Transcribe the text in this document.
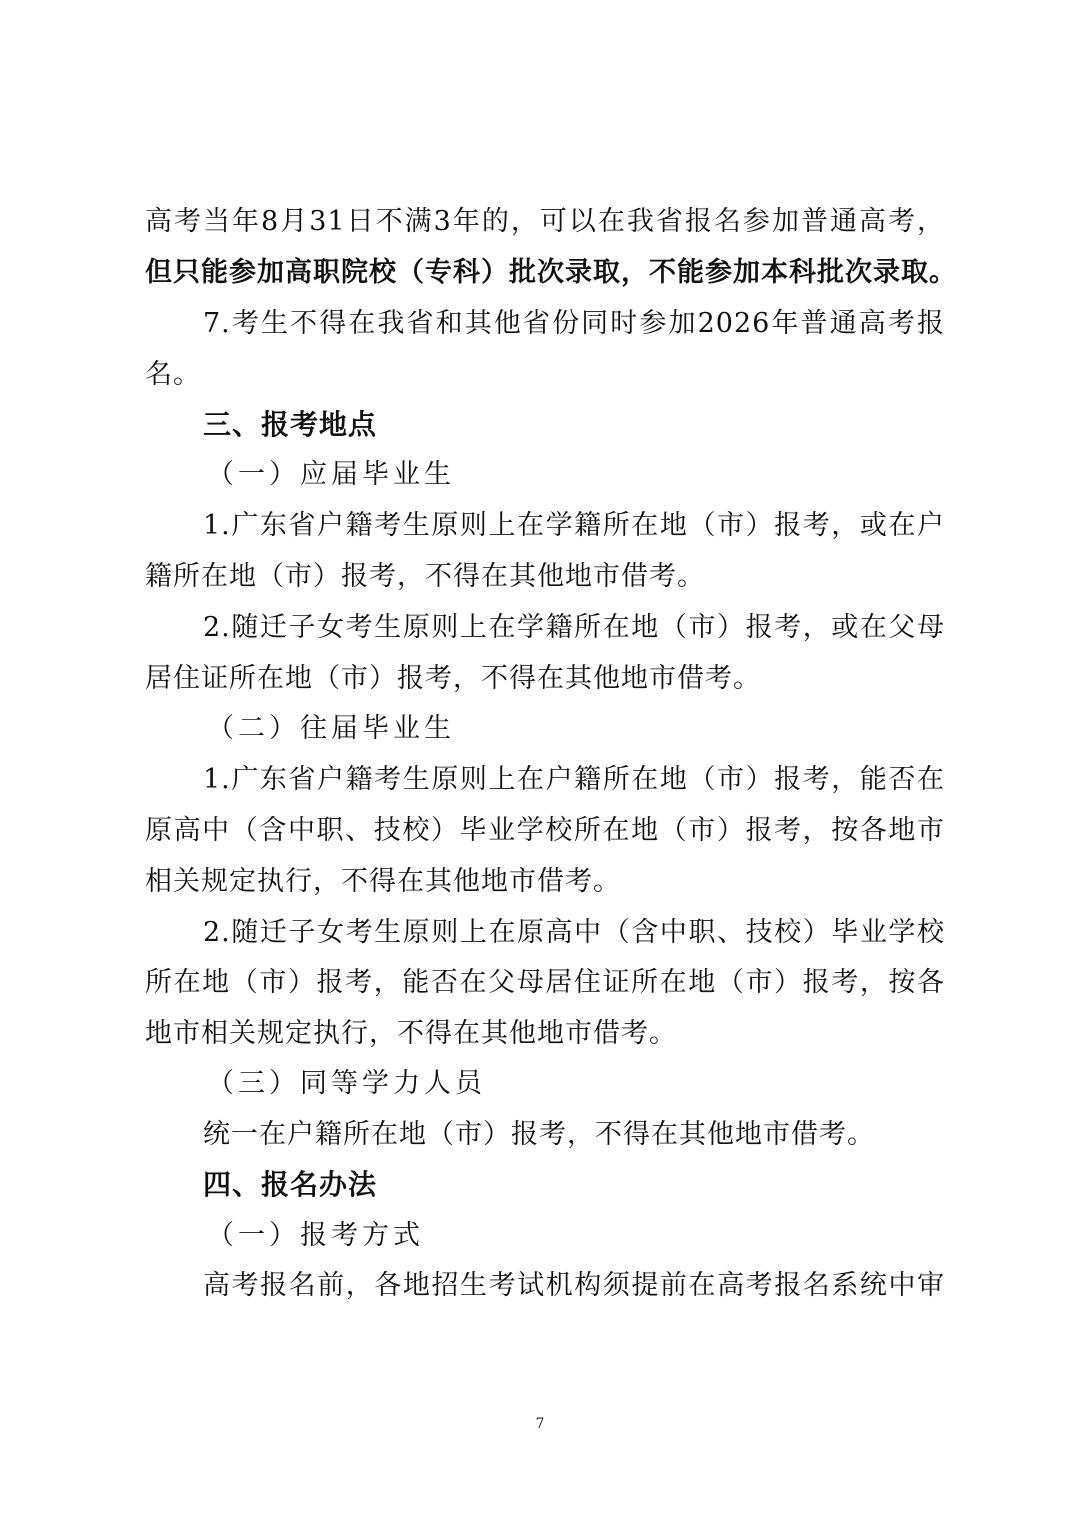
高考当年8月31日不满3年的，可以在我省报名参加普通高考，
但只能参加高职院校（专科）批次录取，不能参加本科批次录取。
7.考生不得在我省和其他省份同时参加2026年普通高考报
名。
三、报考地点
（一）应届毕业生
1.广东省户籍考生原则上在学籍所在地（市）报考，或在户
籍所在地（市）报考，不得在其他地市借考。
2.随迁子女考生原则上在学籍所在地（市）报考，或在父母
居住证所在地（市）报考，不得在其他地市借考。
（二）往届毕业生
1.广东省户籍考生原则上在户籍所在地（市）报考，能否在
原高中（含中职、技校）毕业学校所在地（市）报考，按各地市
相关规定执行，不得在其他地市借考。
2.随迁子女考生原则上在原高中（含中职、技校）毕业学校
所在地（市）报考，能否在父母居住证所在地（市）报考，按各
地市相关规定执行，不得在其他地市借考。
（三）同等学力人员
统一在户籍所在地（市）报考，不得在其他地市借考。
四、报名办法
（一）报考方式
高考报名前，各地招生考试机构须提前在高考报名系统中审
7
